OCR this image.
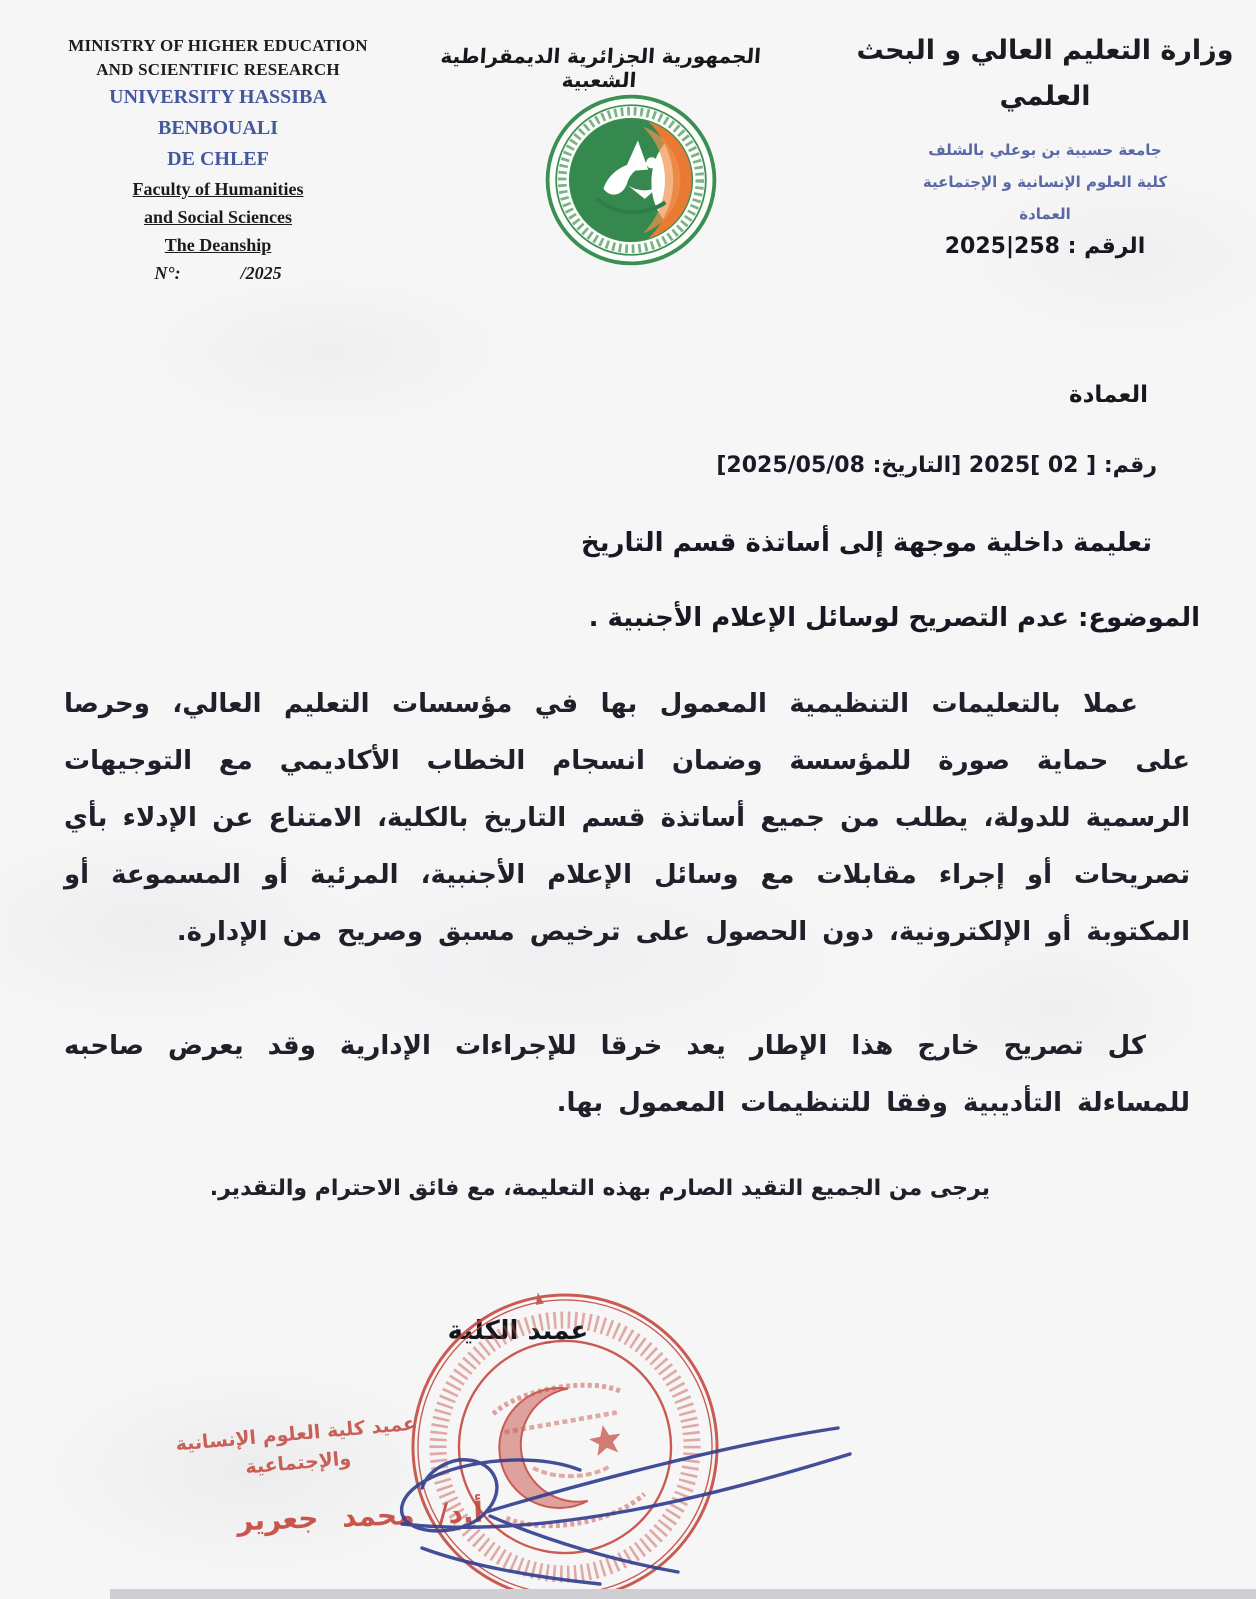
MINISTRY OF HIGHER EDUCATION
AND SCIENTIFIC RESEARCH
UNIVERSITY HASSIBA
BENBOUALI
DE CHLEF
Faculty of Humanities
and Social Sciences
The Deanship
N°:	/2025
الجمهورية الجزائرية الديمقراطية الشعبية
وزارة التعليم العالي و البحث
العلمي
جامعة حسيبة بن بوعلي بالشلف
كلية العلوم الإنسانية و الإجتماعية
العمادة
الرقم : 258|2025
العمادة
رقم: [ 02 ]2025 [التاريخ: 2025/05/08]
تعليمة داخلية موجهة إلى أساتذة قسم التاريخ
الموضوع: عدم التصريح لوسائل الإعلام الأجنبية .
عملا بالتعليمات التنظيمية المعمول بها في مؤسسات التعليم العالي، وحرصا على حماية صورة للمؤسسة وضمان انسجام الخطاب الأكاديمي مع التوجيهات الرسمية للدولة، يطلب من جميع أساتذة قسم التاريخ بالكلية، الامتناع عن الإدلاء بأي تصريحات أو إجراء مقابلات مع وسائل الإعلام الأجنبية، المرئية أو المسموعة أو المكتوبة أو الإلكترونية، دون الحصول على ترخيص مسبق وصريح من الإدارة.
كل تصريح خارج هذا الإطار يعد خرقا للإجراءات الإدارية وقد يعرض صاحبه للمساءلة التأديبية وفقا للتنظيمات المعمول بها.
يرجى من الجميع التقيد الصارم بهذه التعليمة، مع فائق الاحترام والتقدير.
عميد الكلية
عميد كلية العلوم الإنسانية
والإجتماعية
أ.د/ محمد جعرير
